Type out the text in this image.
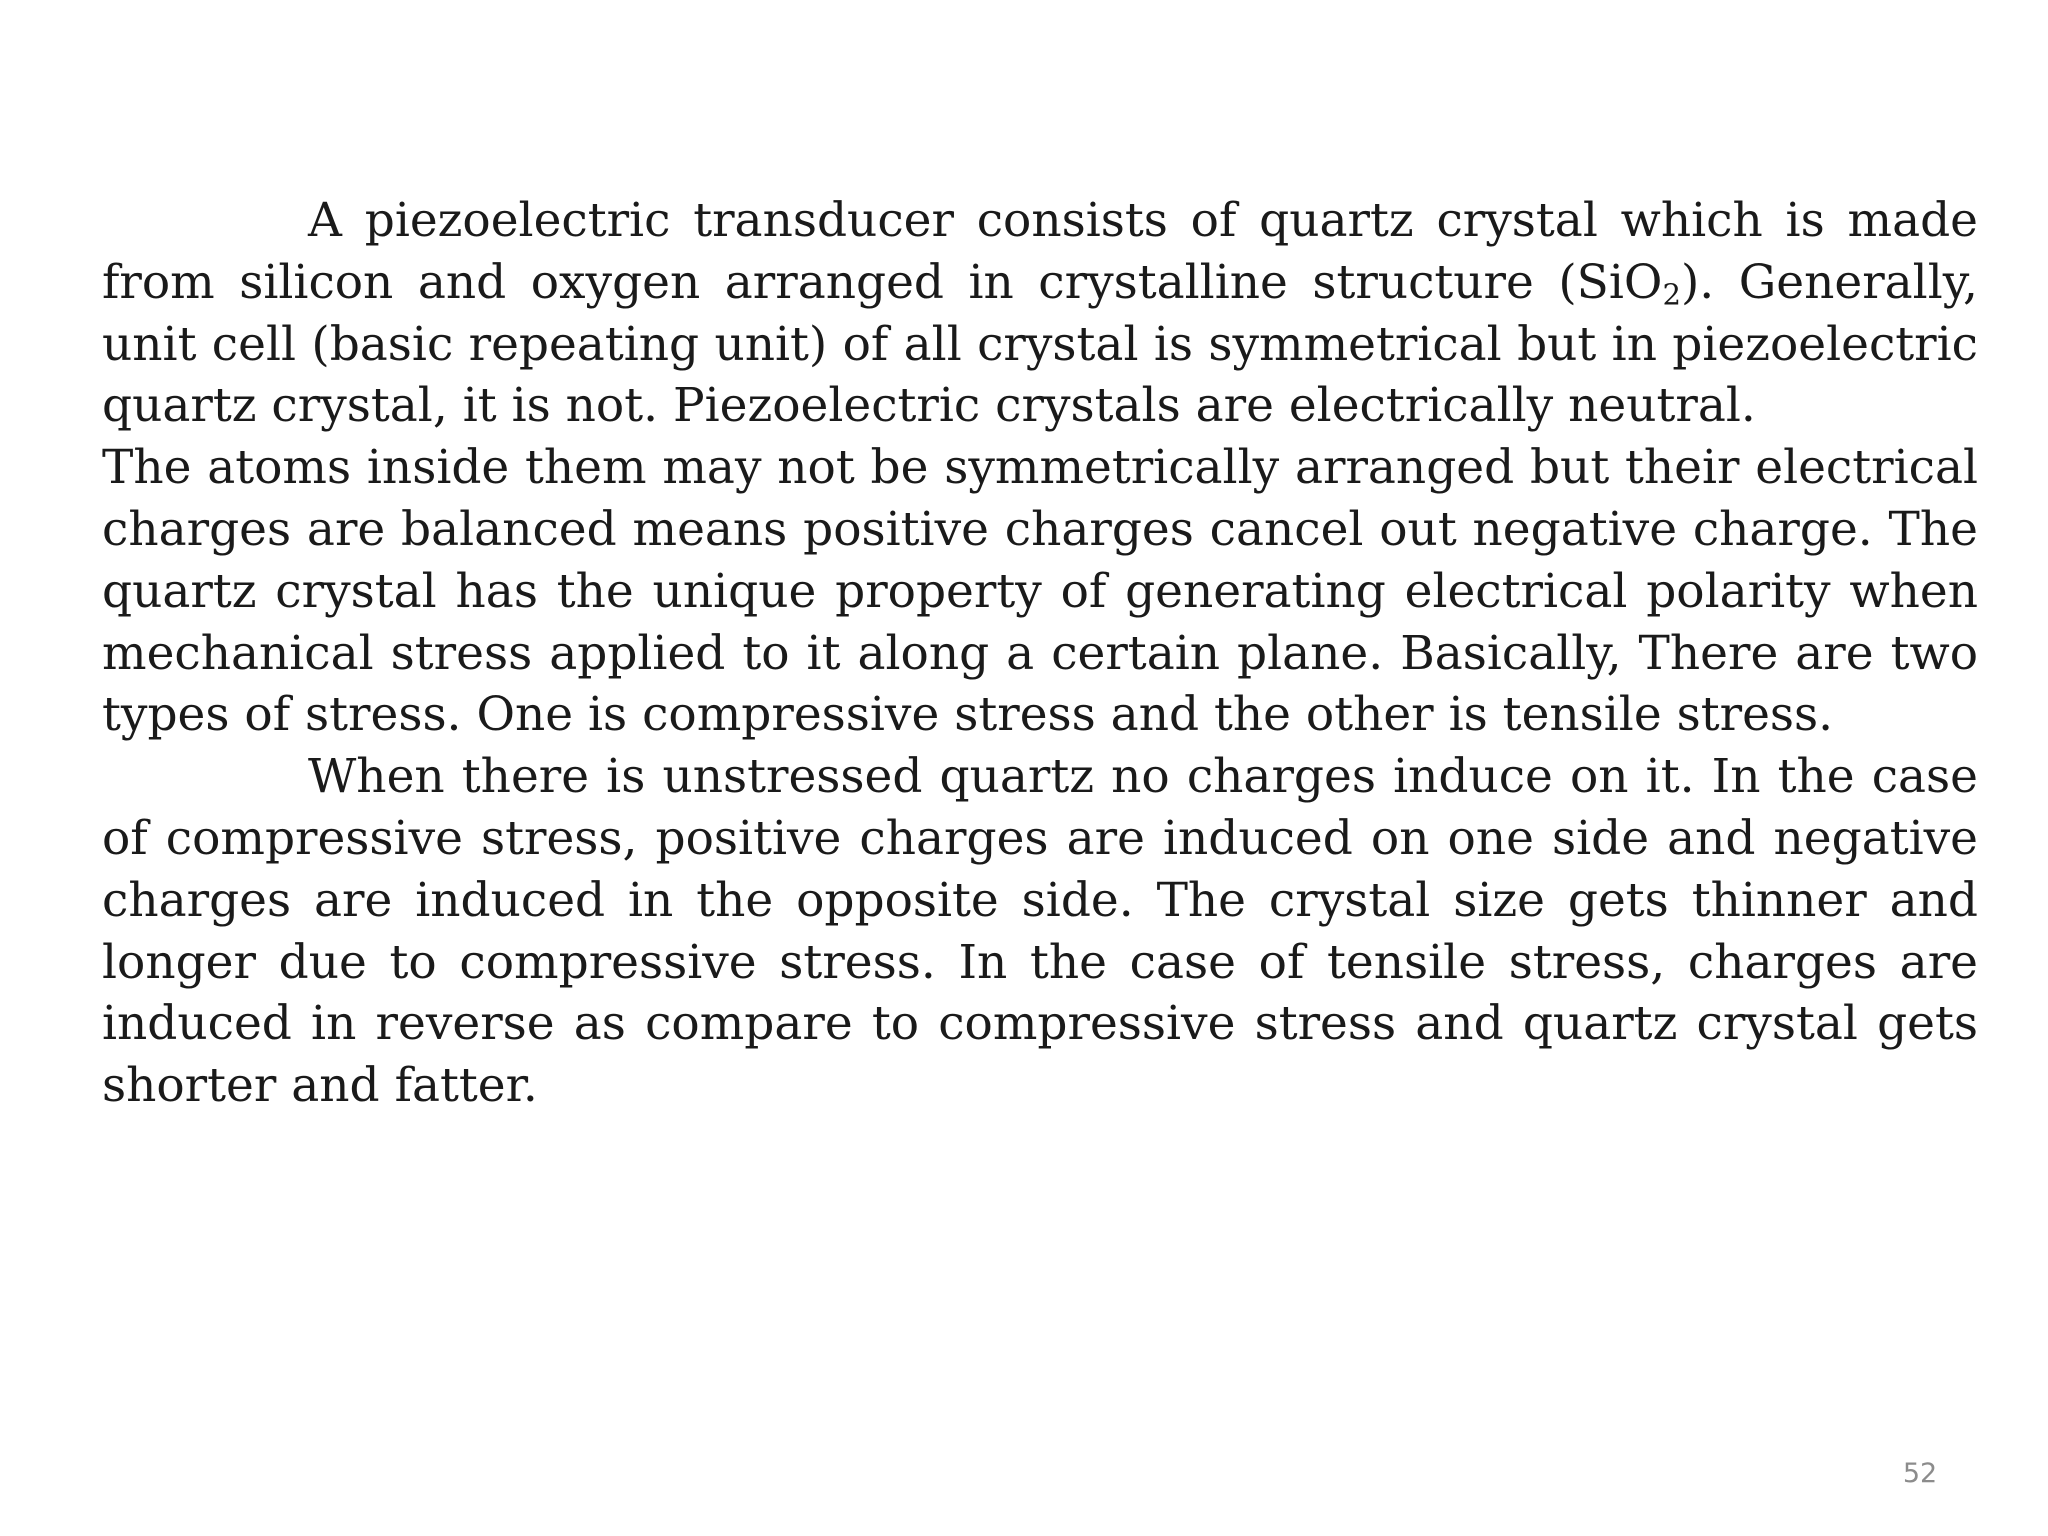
A piezoelectric transducer consists of quartz crystal which is made from silicon and oxygen arranged in crystalline structure (SiO$_2$). Generally, unit cell (basic repeating unit) of all crystal is symmetrical but in piezoelectric quartz crystal, it is not. Piezoelectric crystals are electrically neutral.

The atoms inside them may not be symmetrically arranged but their electrical charges are balanced means positive charges cancel out negative charge. The quartz crystal has the unique property of generating electrical polarity when mechanical stress applied to it along a certain plane. Basically, There are two types of stress. One is compressive stress and the other is tensile stress.

When there is unstressed quartz no charges induce on it. In the case of compressive stress, positive charges are induced on one side and negative charges are induced in the opposite side. The crystal size gets thinner and longer due to compressive stress. In the case of tensile stress, charges are induced in reverse as compare to compressive stress and quartz crystal gets shorter and fatter.

52
